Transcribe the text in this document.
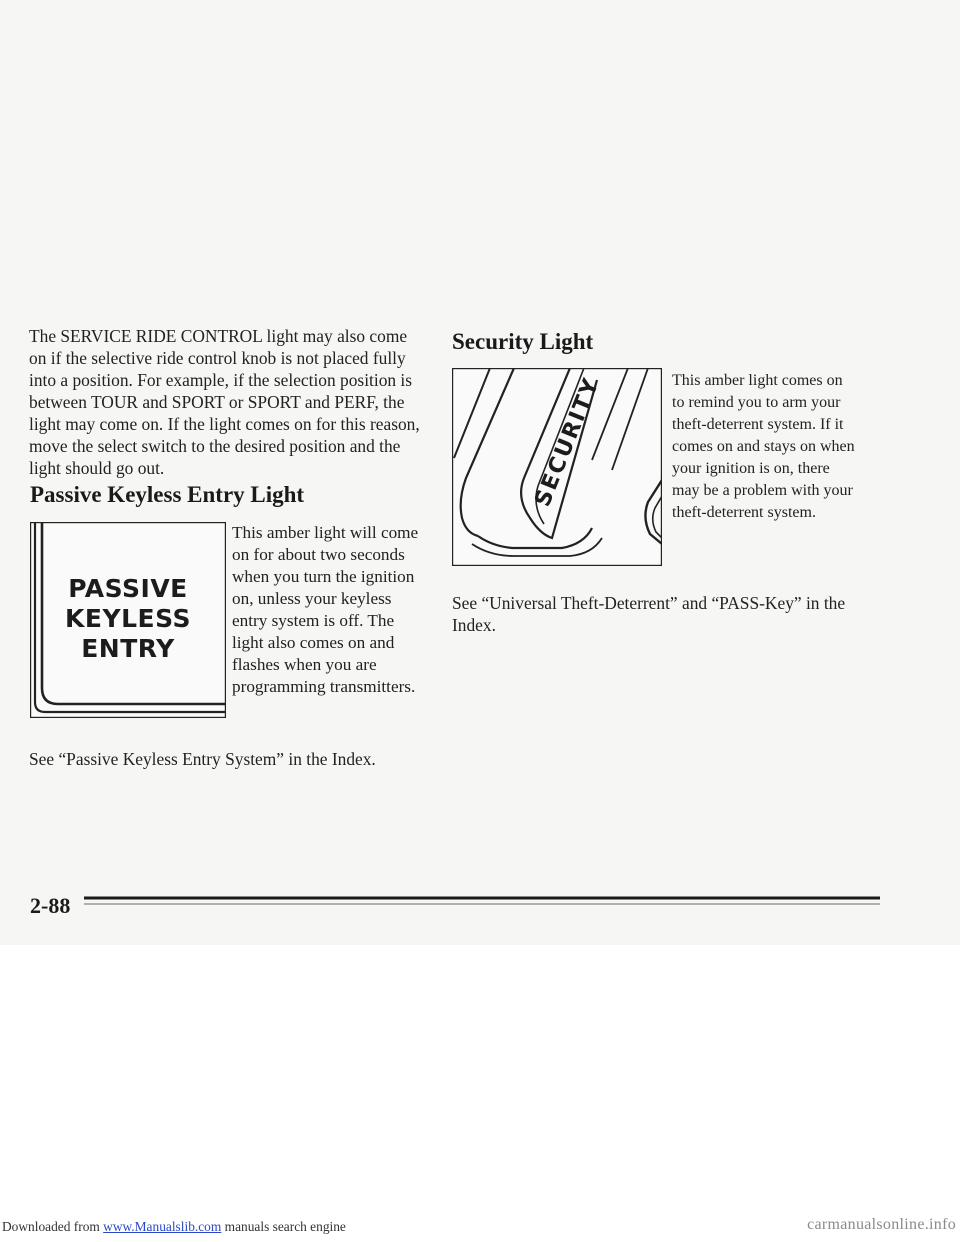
The SERVICE RIDE CONTROL light may also come

on if the selective ride control knob is not placed fully

into a position. For example, if the selection position is

between TOUR and SPORT or SPORT and PERF, the

light may come on. If the light comes on for this reason,

move the select switch to the desired position and the

light should go out.

Passive Keyless Entry Light
PASSIVE
KEYLESS
ENTRY

This amber light will come

on for about two seconds

when you turn the ignition

on, unless your keyless

entry system is off. The

light also comes on and

flashes when you are

programming transmitters.

See “Passive Keyless Entry System” in the Index.

Security Light
SECURITY	This amber light comes on

to remind you to arm your

theft-deterrent system. If it

comes on and stays on when

your ignition is on, there

may be a problem with your

theft-deterrent system.

See “Universal Theft-Deterrent” and “PASS-Key” in the

Index.

2-88
Downloaded from www.Manualslib.com manuals search engine	carmanualsonline.info
